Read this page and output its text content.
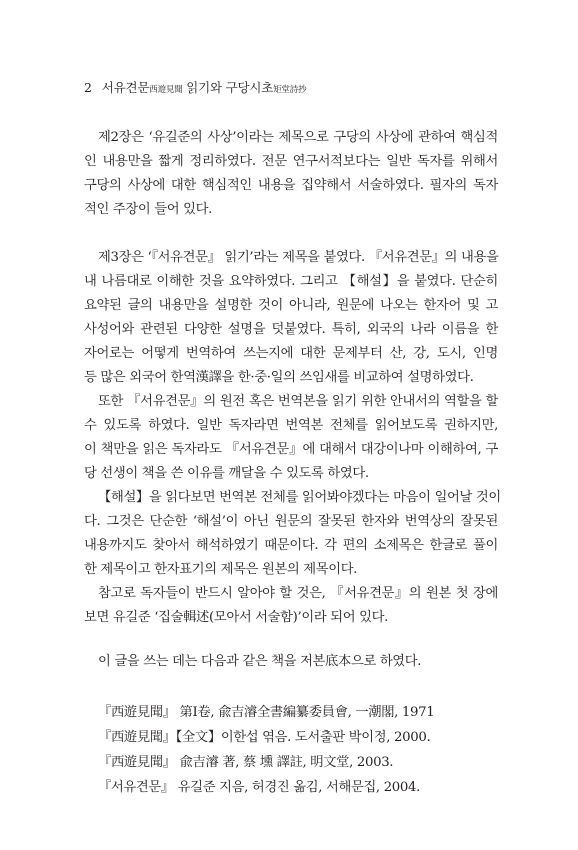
2 서유견문西遊見聞 읽기와 구당시초矩堂詩抄
제2장은 ‘유길준의 사상’이라는 제목으로 구당의 사상에 관하여 핵심적
인 내용만을 짧게 정리하였다. 전문 연구서적보다는 일반 독자를 위해서
구당의 사상에 대한 핵심적인 내용을 집약해서 서술하였다. 필자의 독자
적인 주장이 들어 있다.
제3장은 ‘『서유견문』 읽기’라는 제목을 붙였다. 『서유견문』의 내용을
내 나름대로 이해한 것을 요약하였다. 그리고 【해설】을 붙였다. 단순히
요약된 글의 내용만을 설명한 것이 아니라, 원문에 나오는 한자어 및 고
사성어와 관련된 다양한 설명을 덧붙였다. 특히, 외국의 나라 이름을 한
자어로는 어떻게 번역하여 쓰는지에 대한 문제부터 산, 강, 도시, 인명
등 많은 외국어 한역漢譯을 한·중·일의 쓰임새를 비교하여 설명하였다.
또한 『서유견문』의 원전 혹은 번역본을 읽기 위한 안내서의 역할을 할
수 있도록 하였다. 일반 독자라면 번역본 전체를 읽어보도록 권하지만,
이 책만을 읽은 독자라도 『서유견문』에 대해서 대강이나마 이해하여, 구
당 선생이 책을 쓴 이유를 깨달을 수 있도록 하였다.
【해설】을 읽다보면 번역본 전체를 읽어봐야겠다는 마음이 일어날 것이
다. 그것은 단순한 ‘해설’이 아닌 원문의 잘못된 한자와 번역상의 잘못된
내용까지도 찾아서 해석하였기 때문이다. 각 편의 소제목은 한글로 풀이
한 제목이고 한자표기의 제목은 원본의 제목이다.
참고로 독자들이 반드시 알아야 할 것은, 『서유견문』의 원본 첫 장에
보면 유길준 ‘집술輯述(모아서 서술함)’이라 되어 있다.
이 글을 쓰는 데는 다음과 같은 책을 저본底本으로 하였다.
『西遊見聞』 第Ⅰ卷, 兪吉濬全書編纂委員會, 一潮閣, 1971
『西遊見聞』【全文】이한섭 엮음. 도서출판 박이정, 2000.
『西遊見聞』 兪吉濬 著, 蔡 壎 譯註, 明文堂, 2003.
『서유견문』 유길준 지음, 허경진 옮김, 서해문집, 2004.
